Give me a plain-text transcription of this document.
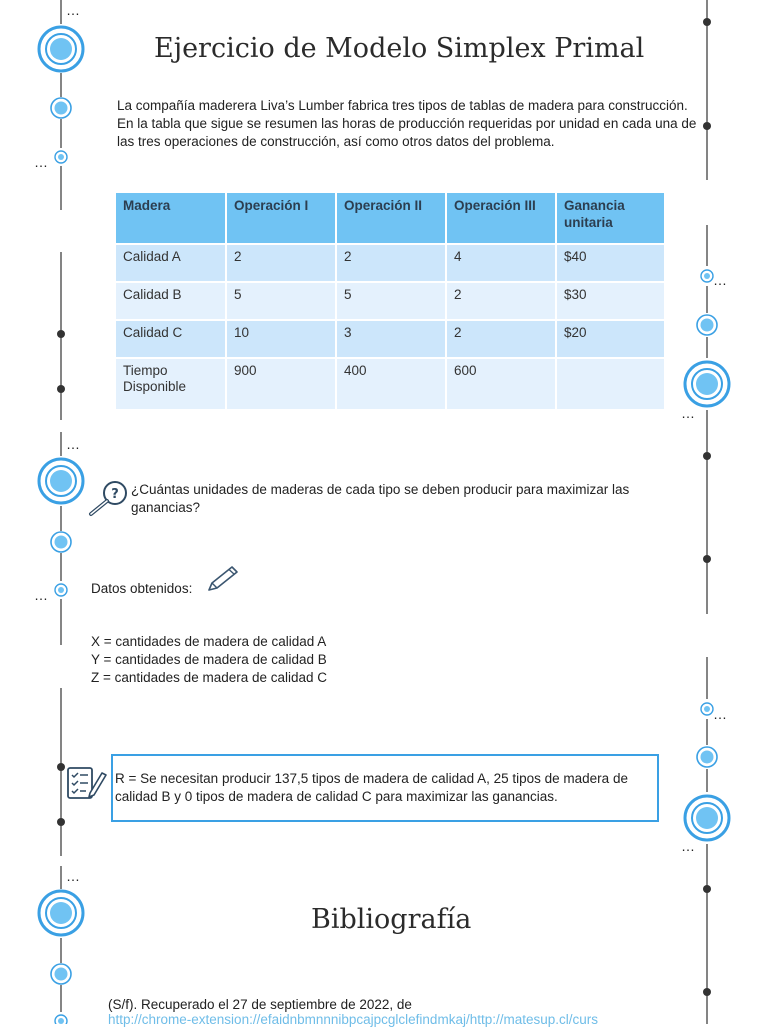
…
…
…
…
…
…
…
…
…
Ejercicio de Modelo Simplex Primal
La compañía maderera Liva’s Lumber fabrica tres tipos de tablas de madera para construcción. En la tabla que sigue se resumen las horas de producción requeridas por unidad en cada una de las tres operaciones de construcción, así como otros datos del problema.
Madera	Operación I	Operación II	Operación III	Ganancia unitaria
Calidad A	2	2	4	$40
Calidad B	5	5	2	$30
Calidad C	10	3	2	$20
Tiempo Disponible	900	400	600	
? ¿Cuántas unidades de maderas de cada tipo se deben producir para maximizar las ganancias?
Datos obtenidos:
X = cantidades de madera de calidad A
Y = cantidades de madera de calidad B
Z = cantidades de madera de calidad C
R = Se necesitan producir 137,5 tipos de madera de calidad A, 25 tipos de madera de calidad B y 0 tipos de madera de calidad C para maximizar las ganancias.
Bibliografía
(S/f). Recuperado el 27 de septiembre de 2022, de
http://chrome-extension://efaidnbmnnnibpcajpcglclefindmkaj/http://matesup.cl/curs
